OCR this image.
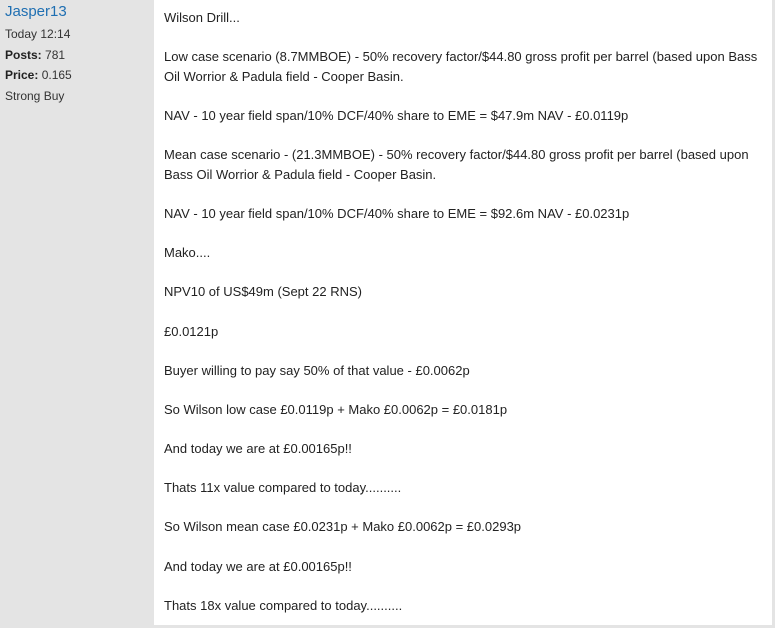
Jasper13
Today 12:14
Posts: 781
Price: 0.165
Strong Buy

Wilson Drill...

Low case scenario (8.7MMBOE) - 50% recovery factor/$44.80 gross profit per barrel (based upon Bass Oil Worrior & Padula field - Cooper Basin.

NAV - 10 year field span/10% DCF/40% share to EME = $47.9m NAV - £0.0119p

Mean case scenario - (21.3MMBOE) - 50% recovery factor/$44.80 gross profit per barrel (based upon Bass Oil Worrior & Padula field - Cooper Basin.

NAV - 10 year field span/10% DCF/40% share to EME = $92.6m NAV - £0.0231p

Mako....

NPV10 of US$49m (Sept 22 RNS)

£0.0121p

Buyer willing to pay say 50% of that value - £0.0062p

So Wilson low case £0.0119p + Mako £0.0062p = £0.0181p

And today we are at £0.00165p!!

Thats 11x value compared to today..........

So Wilson mean case £0.0231p + Mako £0.0062p = £0.0293p

And today we are at £0.00165p!!

Thats 18x value compared to today..........
